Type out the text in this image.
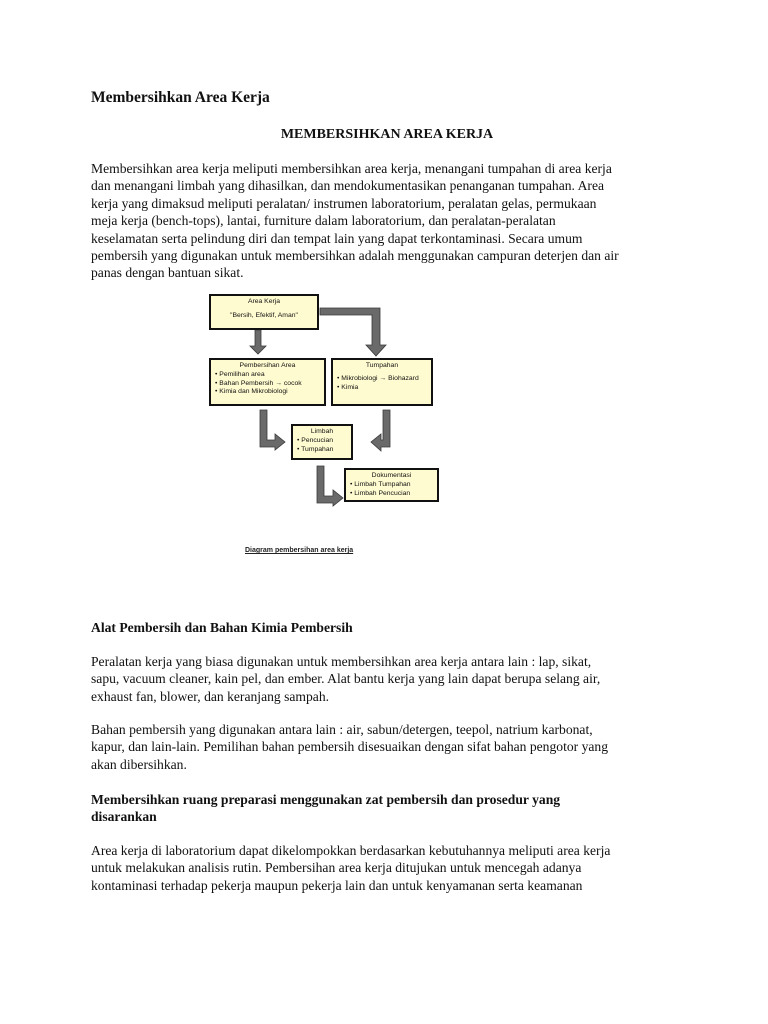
Membersihkan Area Kerja
MEMBERSIHKAN AREA KERJA

Membersihkan area kerja meliputi membersihkan area kerja, menangani tumpahan di area kerja
dan menangani limbah yang dihasilkan, dan mendokumentasikan penanganan tumpahan. Area
kerja yang dimaksud meliputi peralatan/ instrumen laboratorium, peralatan gelas, permukaan
meja kerja (bench-tops), lantai, furniture dalam laboratorium, dan peralatan-peralatan
keselamatan serta pelindung diri dan tempat lain yang dapat terkontaminasi. Secara umum
pembersih yang digunakan untuk membersihkan adalah menggunakan campuran deterjen dan air
panas dengan bantuan sikat.

Alat Pembersih dan Bahan Kimia Pembersih

Peralatan kerja yang biasa digunakan untuk membersihkan area kerja antara lain : lap, sikat,
sapu, vacuum cleaner, kain pel, dan ember. Alat bantu kerja yang lain dapat berupa selang air,
exhaust fan, blower, dan keranjang sampah.

Bahan pembersih yang digunakan antara lain : air, sabun/detergen, teepol, natrium karbonat,
kapur, dan lain-lain. Pemilihan bahan pembersih disesuaikan dengan sifat bahan pengotor yang
akan dibersihkan.

Membersihkan ruang preparasi menggunakan zat pembersih dan prosedur yang
disarankan

Area kerja di laboratorium dapat dikelompokkan berdasarkan kebutuhannya meliputi area kerja
untuk melakukan analisis rutin. Pembersihan area kerja ditujukan untuk mencegah adanya
kontaminasi terhadap pekerja maupun pekerja lain dan untuk kenyamanan serta keamanan

Area Kerja
"Bersih, Efektif, Aman"
Pembersihan Area
• Pemilihan area
• Bahan Pembersih → cocok
• Kimia dan Mikrobiologi
Tumpahan
• Mikrobiologi → Biohazard
• Kimia
Limbah
• Pencucian
• Tumpahan
Dokumentasi
• Limbah Tumpahan
• Limbah Pencucian
Diagram pembersihan area kerja
